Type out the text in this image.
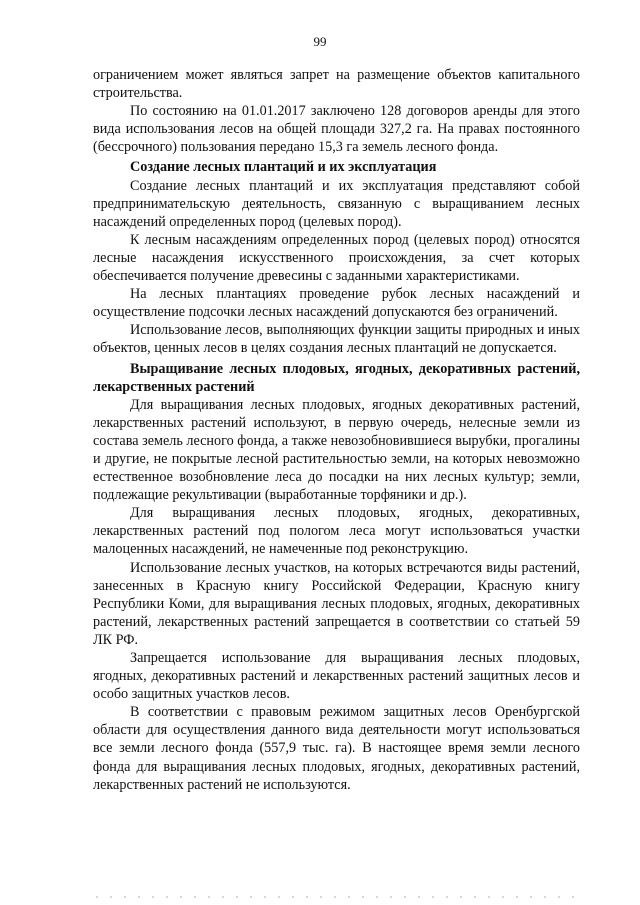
99

ограничением может являться запрет на размещение объектов капитального строительства.

По состоянию на 01.01.2017 заключено 128 договоров аренды для этого вида использования лесов на общей площади 327,2 га. На правах постоянного (бессрочного) пользования передано 15,3 га земель лесного фонда.

Создание лесных плантаций и их эксплуатация

Создание лесных плантаций и их эксплуатация представляют собой предпринимательскую деятельность, связанную с выращиванием лесных насаждений определенных пород (целевых пород).

К лесным насаждениям определенных пород (целевых пород) относятся лесные насаждения искусственного происхождения, за счет которых обеспечивается получение древесины с заданными характеристиками.

На лесных плантациях проведение рубок лесных насаждений и осуществление подсочки лесных насаждений допускаются без ограничений.

Использование лесов, выполняющих функции защиты природных и иных объектов, ценных лесов в целях создания лесных плантаций не допускается.

Выращивание лесных плодовых, ягодных, декоративных растений, лекарственных растений

Для выращивания лесных плодовых, ягодных декоративных растений, лекарственных растений используют, в первую очередь, нелесные земли из состава земель лесного фонда, а также невозобновившиеся вырубки, прогалины и другие, не покрытые лесной растительностью земли, на которых невозможно естественное возобновление леса до посадки на них лесных культур; земли, подлежащие рекультивации (выработанные торфяники и др.).

Для выращивания лесных плодовых, ягодных, декоративных, лекарственных растений под пологом леса могут использоваться участки малоценных насаждений, не намеченные под реконструкцию.

Использование лесных участков, на которых встречаются виды растений, занесенных в Красную книгу Российской Федерации, Красную книгу Республики Коми, для выращивания лесных плодовых, ягодных, декоративных растений, лекарственных растений запрещается в соответствии со статьей 59 ЛК РФ.

Запрещается использование для выращивания лесных плодовых, ягодных, декоративных растений и лекарственных растений защитных лесов и особо защитных участков лесов.

В соответствии с правовым режимом защитных лесов Оренбургской области для осуществления данного вида деятельности могут использоваться все земли лесного фонда (557,9 тыс. га). В настоящее время земли лесного фонда для выращивания лесных плодовых, ягодных, декоративных растений, лекарственных растений не используются.
